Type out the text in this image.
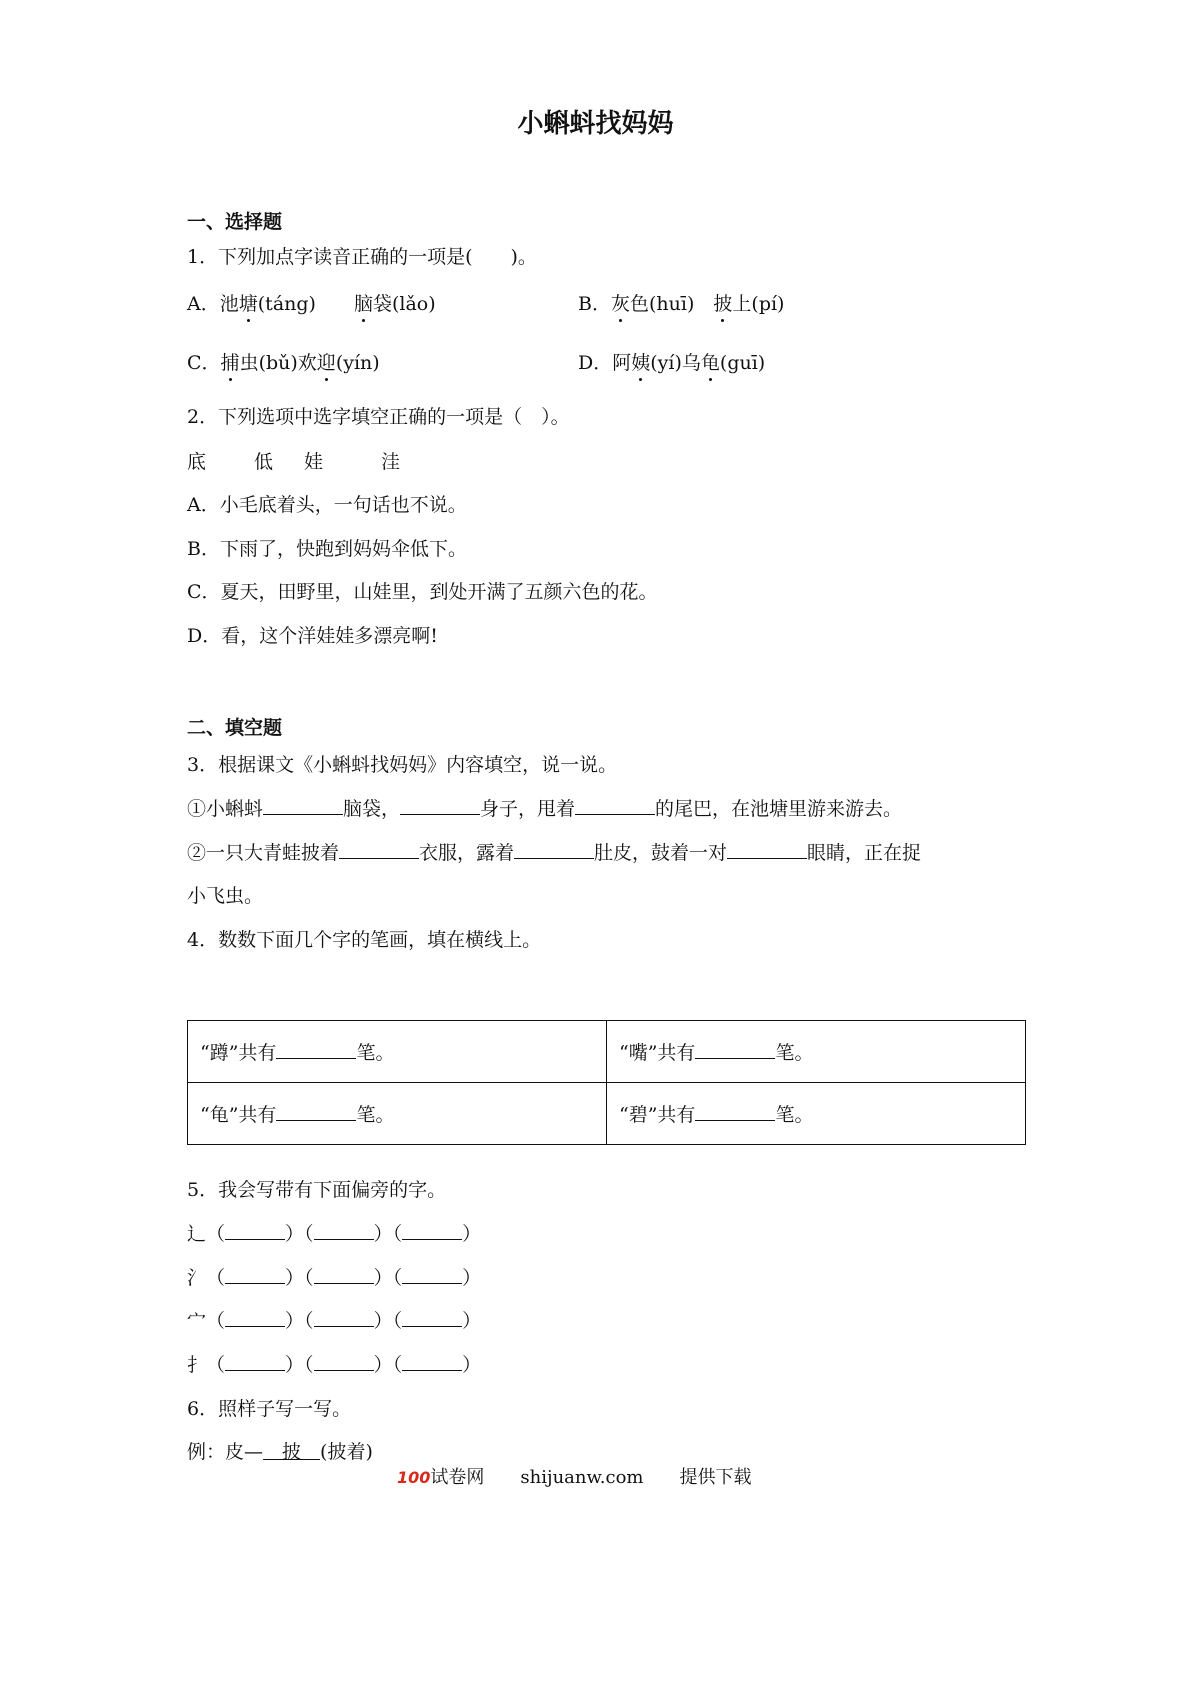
小蝌蚪找妈妈
一、选择题
1．下列加点字读音正确的一项是(　　)。
A．池塘(táng)　　 脑袋(lǎo)	B．灰色(huī)　 披上(pí)
C．捕虫(bǔ)欢迎(yín)	D．阿姨(yí)乌龟(guī)
2．下列选项中选字填空正确的一项是（　）。
底	低 娃	洼
A．小毛底着头，一句话也不说。
B．下雨了，快跑到妈妈伞低下。
C．夏天，田野里，山娃里，到处开满了五颜六色的花。
D．看，这个洋娃娃多漂亮啊!
二、填空题
3．根据课文《小蝌蚪找妈妈》内容填空，说一说。
①小蝌蚪	脑袋，	身子，甩着	的尾巴，在池塘里游来游去。
②一只大青蛙披着	衣服，露着	肚皮，鼓着一对	眼睛，正在捉
小飞虫。
4．数数下面几个字的笔画，填在横线上。
“蹲”共有 笔。	“嘴”共有 笔。
“龟”共有 笔。	“碧”共有 笔。
5．我会写带有下面偏旁的字。
辶（	）（	）（	）
氵（	）（	）（	）
宀（	）（	）（	）
扌（	）（	）（	）
6．照样子写一写。
例：皮—　披　(披着)
100试卷网　　 shijuanw.com　　 提供下载
